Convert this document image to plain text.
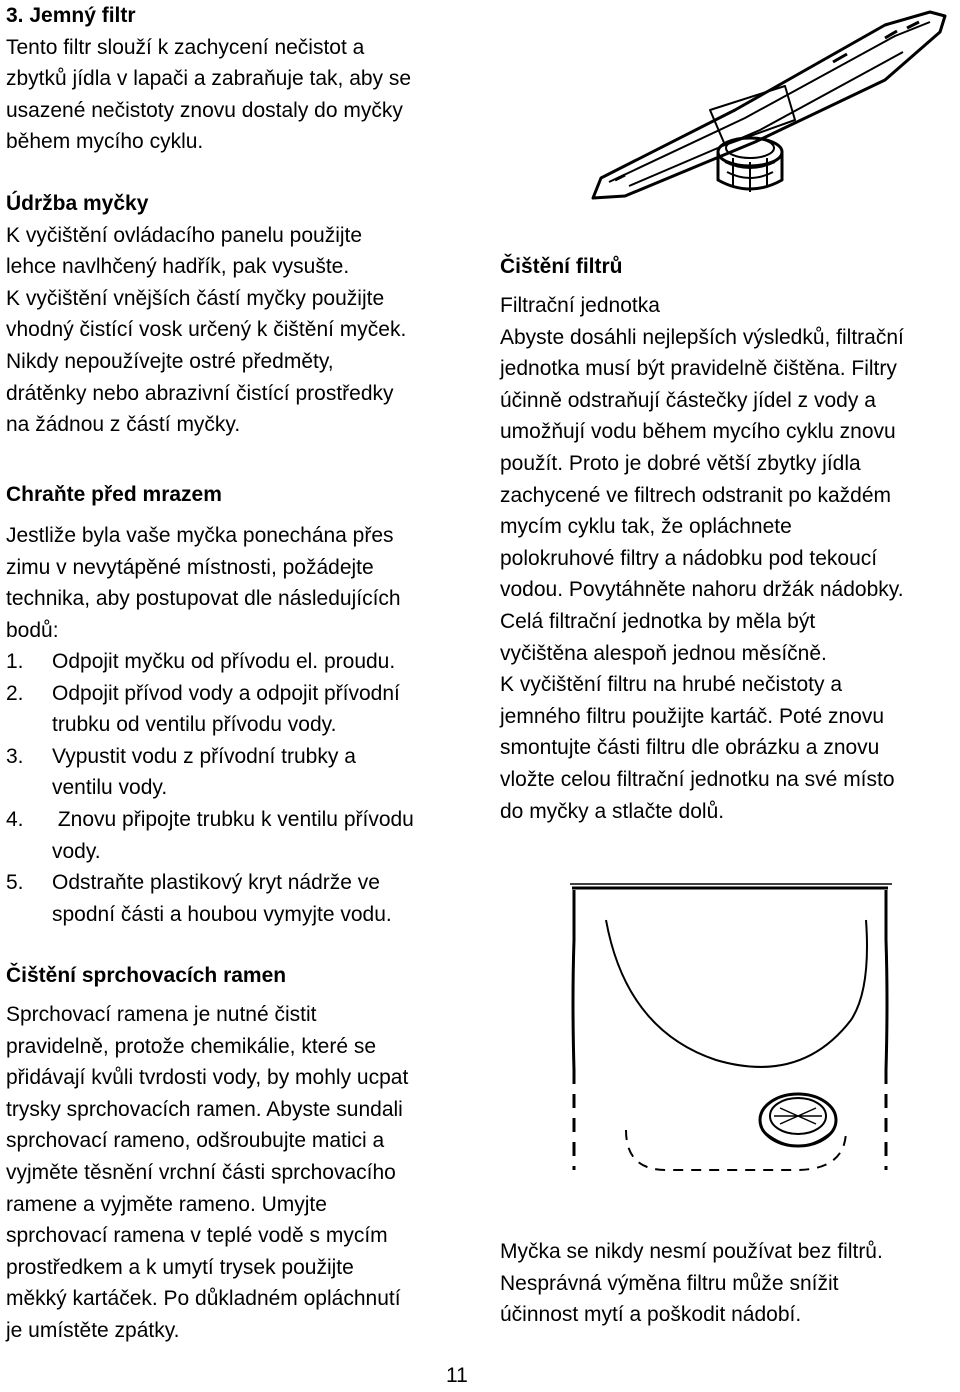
3. Jemný filtr
Tento filtr slouží k zachycení nečistot a
zbytků jídla v lapači a zabraňuje tak, aby se
usazené nečistoty znovu dostaly do myčky
během mycího cyklu.
Údržba myčky
K vyčištění ovládacího panelu použijte
lehce navlhčený hadřík, pak vysušte.
K vyčištění vnějších částí myčky použijte
vhodný čistící vosk určený k čištění myček.
Nikdy nepoužívejte ostré předměty,
drátěnky nebo abrazivní čistící prostředky
na žádnou z částí myčky.
Chraňte před mrazem
Jestliže byla vaše myčka ponechána přes
zimu v nevytápěné místnosti, požádejte
technika, aby postupovat dle následujících
bodů:
1. Odpojit myčku od přívodu el. proudu.
2. Odpojit přívod vody a odpojit přívodní
trubku od ventilu přívodu vody.
3. Vypustit vodu z přívodní trubky a
ventilu vody.
4. Znovu připojte trubku k ventilu přívodu
vody.
5. Odstraňte plastikový kryt nádrže ve
spodní části a houbou vymyjte vodu.
Čištění sprchovacích ramen
Sprchovací ramena je nutné čistit
pravidelně, protože chemikálie, které se
přidávají kvůli tvrdosti vody, by mohly ucpat
trysky sprchovacích ramen. Abyste sundali
sprchovací rameno, odšroubujte matici a
vyjměte těsnění vrchní části sprchovacího
ramene a vyjměte rameno. Umyjte
sprchovací ramena v teplé vodě s mycím
prostředkem a k umytí trysek použijte
měkký kartáček. Po důkladném opláchnutí
je umístěte zpátky.
Čištění filtrů
Filtrační jednotka
Abyste dosáhli nejlepších výsledků, filtrační
jednotka musí být pravidelně čištěna. Filtry
účinně odstraňují částečky jídel z vody a
umožňují vodu během mycího cyklu znovu
použít. Proto je dobré větší zbytky jídla
zachycené ve filtrech odstranit po každém
mycím cyklu tak, že opláchnete
polokruhové filtry a nádobku pod tekoucí
vodou. Povytáhněte nahoru držák nádobky.
Celá filtrační jednotka by měla být
vyčištěna alespoň jednou měsíčně.
K vyčištění filtru na hrubé nečistoty a
jemného filtru použijte kartáč. Poté znovu
smontujte části filtru dle obrázku a znovu
vložte celou filtrační jednotku na své místo
do myčky a stlačte dolů.
Myčka se nikdy nesmí používat bez filtrů.
Nesprávná výměna filtru může snížit
účinnost mytí a poškodit nádobí.
11
